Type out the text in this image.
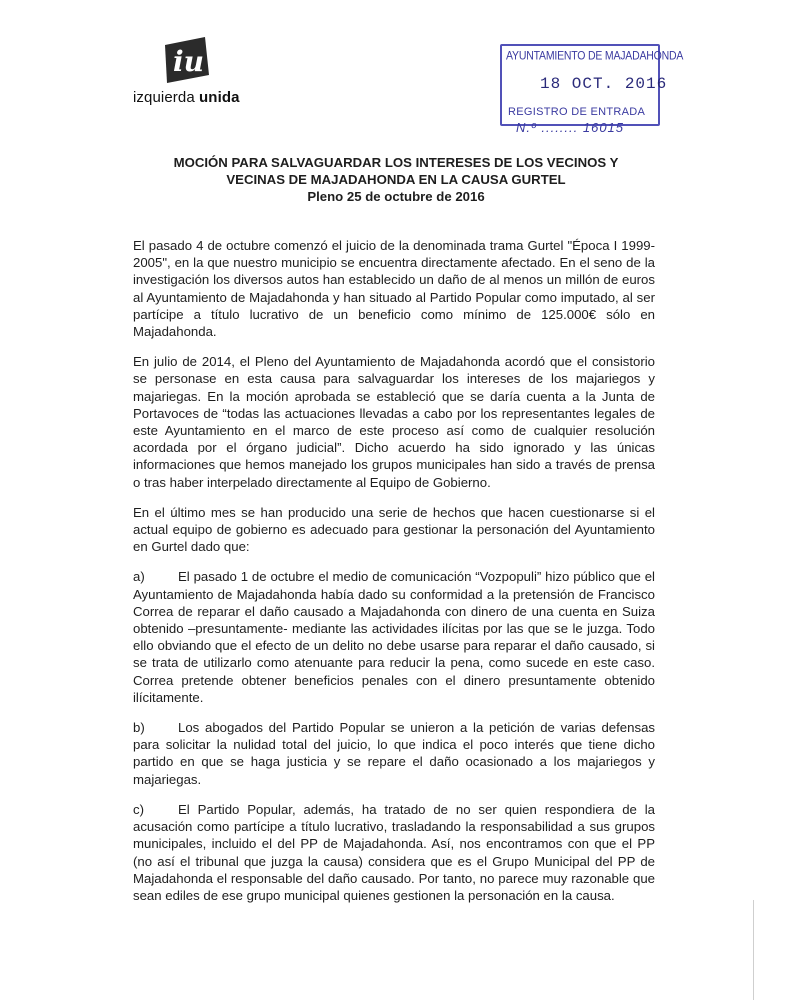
iu
izquierda unida
AYUNTAMIENTO DE MAJADAHONDA
18 OCT. 2016
REGISTRO DE ENTRADA
N.º ........ 16015
MOCIÓN PARA SALVAGUARDAR LOS INTERESES DE LOS VECINOS Y
VECINAS DE MAJADAHONDA EN LA CAUSA GURTEL
Pleno 25 de octubre de 2016

El pasado 4 de octubre comenzó el juicio de la denominada trama Gurtel "Época I 1999-2005", en la que nuestro municipio se encuentra directamente afectado. En el seno de la investigación los diversos autos han establecido un daño de al menos un millón de euros al Ayuntamiento de Majadahonda y han situado al Partido Popular como imputado, al ser partícipe a título lucrativo de un beneficio como mínimo de 125.000€ sólo en Majadahonda.

En julio de 2014, el Pleno del Ayuntamiento de Majadahonda acordó que el consistorio se personase en esta causa para salvaguardar los intereses de los majariegos y majariegas. En la moción aprobada se estableció que se daría cuenta a la Junta de Portavoces de “todas las actuaciones llevadas a cabo por los representantes legales de este Ayuntamiento en el marco de este proceso así como de cualquier resolución acordada por el órgano judicial”. Dicho acuerdo ha sido ignorado y las únicas informaciones que hemos manejado los grupos municipales han sido a través de prensa o tras haber interpelado directamente al Equipo de Gobierno.

En el último mes se han producido una serie de hechos que hacen cuestionarse si el actual equipo de gobierno es adecuado para gestionar la personación del Ayuntamiento en Gurtel dado que:

a)	El pasado 1 de octubre el medio de comunicación “Vozpopuli” hizo público que el Ayuntamiento de Majadahonda había dado su conformidad a la pretensión de Francisco Correa de reparar el daño causado a Majadahonda con dinero de una cuenta en Suiza obtenido –presuntamente- mediante las actividades ilícitas por las que se le juzga. Todo ello obviando que el efecto de un delito no debe usarse para reparar el daño causado, si se trata de utilizarlo como atenuante para reducir la pena, como sucede en este caso. Correa pretende obtener beneficios penales con el dinero presuntamente obtenido ilícitamente.

b)	Los abogados del Partido Popular se unieron a la petición de varias defensas para solicitar la nulidad total del juicio, lo que indica el poco interés que tiene dicho partido en que se haga justicia y se repare el daño ocasionado a los majariegos y majariegas.

c)	El Partido Popular, además, ha tratado de no ser quien respondiera de la acusación como partícipe a título lucrativo, trasladando la responsabilidad a sus grupos municipales, incluido el del PP de Majadahonda. Así, nos encontramos con que el PP (no así el tribunal que juzga la causa) considera que es el Grupo Municipal del PP de Majadahonda el responsable del daño causado. Por tanto, no parece muy razonable que sean ediles de ese grupo municipal quienes gestionen la personación en la causa.
